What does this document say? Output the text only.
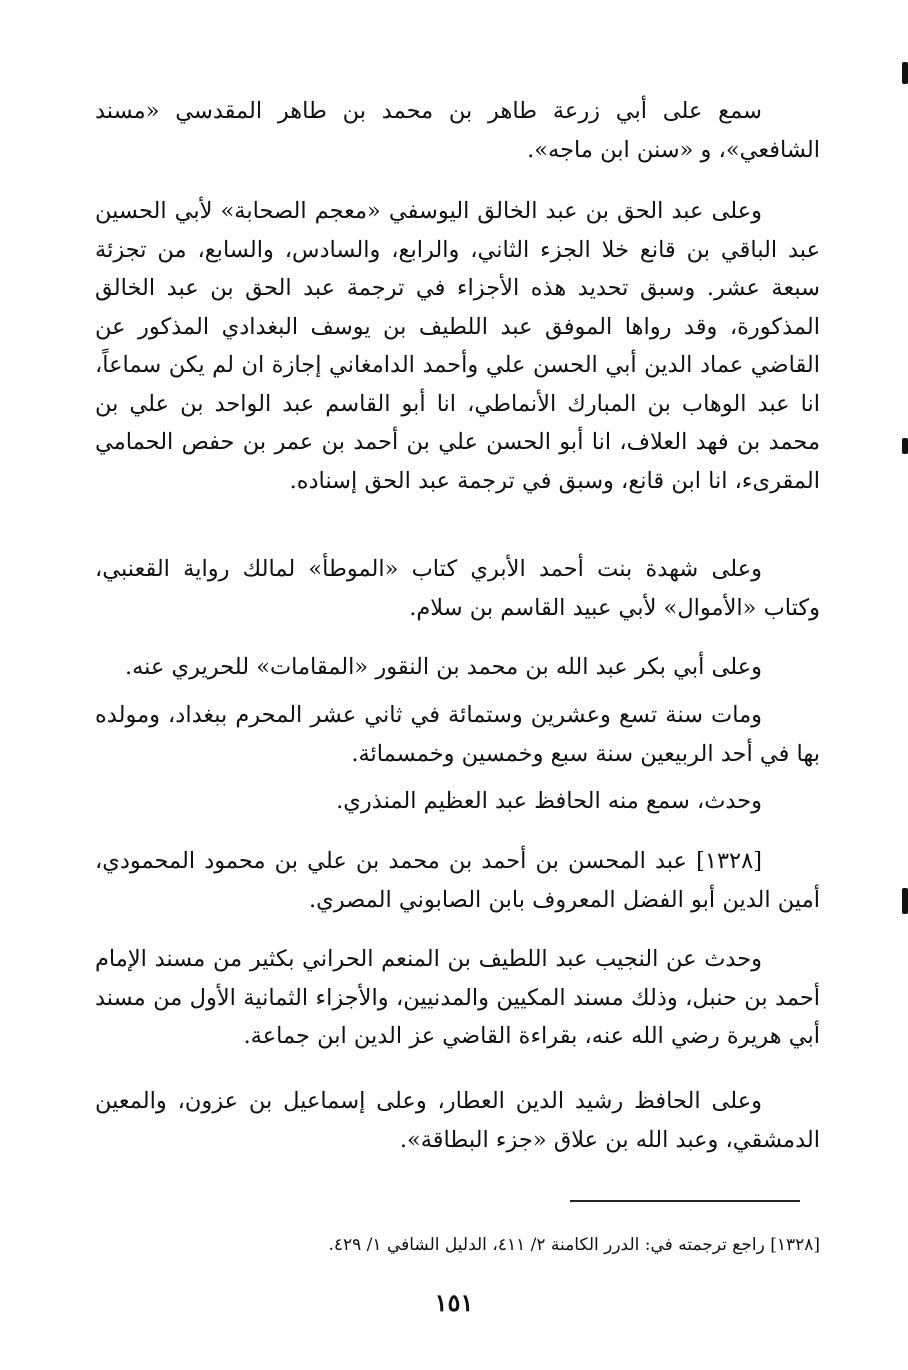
سمع على أبي زرعة طاهر بن محمد بن طاهر المقدسي «مسند الشافعي»، و «سنن ابن ماجه».

وعلى عبد الحق بن عبد الخالق اليوسفي «معجم الصحابة» لأبي الحسين عبد الباقي بن قانع خلا الجزء الثاني، والرابع، والسادس، والسابع، من تجزئة سبعة عشر. وسبق تحديد هذه الأجزاء في ترجمة عبد الحق بن عبد الخالق المذكورة، وقد رواها الموفق عبد اللطيف بن يوسف البغدادي المذكور عن القاضي عماد الدين أبي الحسن علي وأحمد الدامغاني إجازة ان لم يكن سماعاً، انا عبد الوهاب بن المبارك الأنماطي، انا أبو القاسم عبد الواحد بن علي بن محمد بن فهد العلاف، انا أبو الحسن علي بن أحمد بن عمر بن حفص الحمامي المقرىء، انا ابن قانع، وسبق في ترجمة عبد الحق إسناده.

وعلى شهدة بنت أحمد الأبري كتاب «الموطأ» لمالك رواية القعنبي، وكتاب «الأموال» لأبي عبيد القاسم بن سلام.

وعلى أبي بكر عبد الله بن محمد بن النقور «المقامات» للحريري عنه.

ومات سنة تسع وعشرين وستمائة في ثاني عشر المحرم ببغداد، ومولده بها في أحد الربيعين سنة سبع وخمسين وخمسمائة.

وحدث، سمع منه الحافظ عبد العظيم المنذري.

[١٣٢٨] عبد المحسن بن أحمد بن محمد بن علي بن محمود المحمودي، أمين الدين أبو الفضل المعروف بابن الصابوني المصري.

وحدث عن النجيب عبد اللطيف بن المنعم الحراني بكثير من مسند الإمام أحمد بن حنبل، وذلك مسند المكيين والمدنيين، والأجزاء الثمانية الأول من مسند أبي هريرة رضي الله عنه، بقراءة القاضي عز الدين ابن جماعة.

وعلى الحافظ رشيد الدين العطار، وعلى إسماعيل بن عزون، والمعين الدمشقي، وعبد الله بن علاق «جزء البطاقة».

[١٣٢٨] راجع ترجمته في: الدرر الكامنة ٢/ ٤١١، الدليل الشافي ١/ ٤٢٩.
١٥١
